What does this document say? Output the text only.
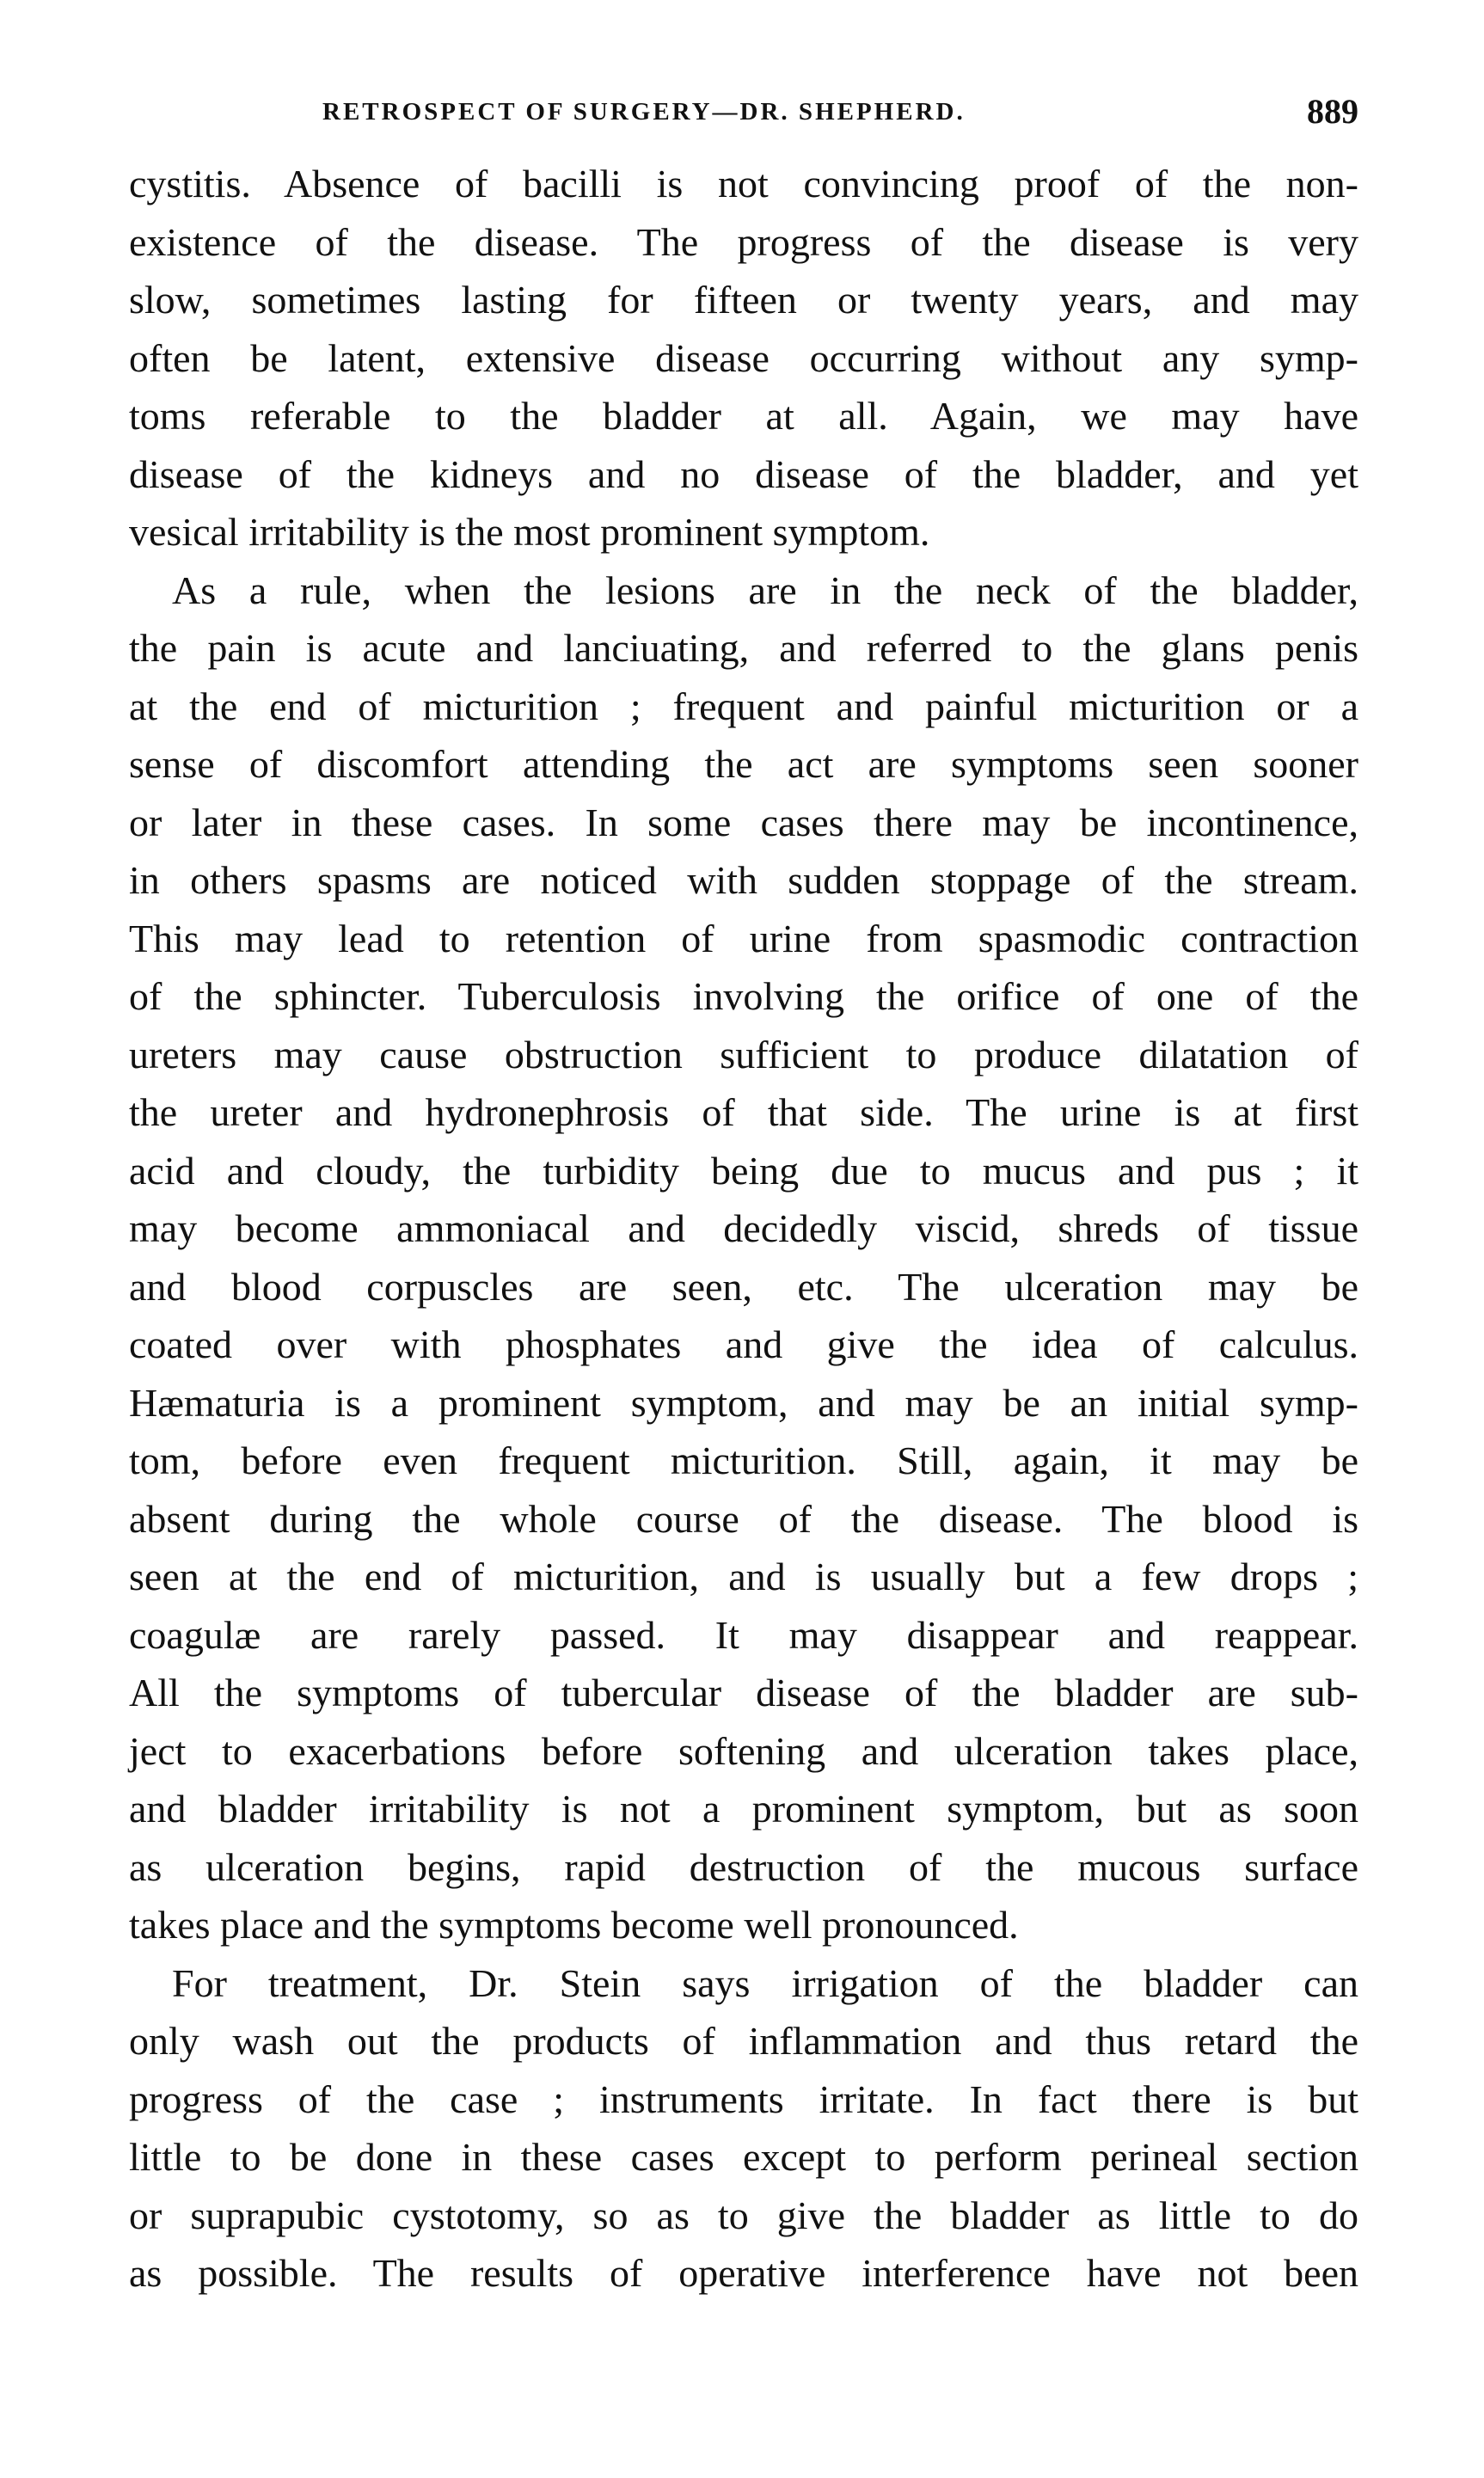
RETROSPECT OF SURGERY—DR. SHEPHERD.	889

cystitis. Absence of bacilli is not convincing proof of the non-
existence of the disease. The progress of the disease is very
slow, sometimes lasting for fifteen or twenty years, and may
often be latent, extensive disease occurring without any symp-
toms referable to the bladder at all. Again, we may have
disease of the kidneys and no disease of the bladder, and yet
vesical irritability is the most prominent symptom.

As a rule, when the lesions are in the neck of the bladder,
the pain is acute and lanciuating, and referred to the glans penis
at the end of micturition ; frequent and painful micturition or a
sense of discomfort attending the act are symptoms seen sooner
or later in these cases. In some cases there may be incontinence,
in others spasms are noticed with sudden stoppage of the stream.
This may lead to retention of urine from spasmodic contraction
of the sphincter. Tuberculosis involving the orifice of one of the
ureters may cause obstruction sufficient to produce dilatation of
the ureter and hydronephrosis of that side. The urine is at first
acid and cloudy, the turbidity being due to mucus and pus ; it
may become ammoniacal and decidedly viscid, shreds of tissue
and blood corpuscles are seen, etc. The ulceration may be
coated over with phosphates and give the idea of calculus.
Hæmaturia is a prominent symptom, and may be an initial symp-
tom, before even frequent micturition. Still, again, it may be
absent during the whole course of the disease. The blood is
seen at the end of micturition, and is usually but a few drops ;
coagulæ are rarely passed. It may disappear and reappear.
All the symptoms of tubercular disease of the bladder are sub-
ject to exacerbations before softening and ulceration takes place,
and bladder irritability is not a prominent symptom, but as soon
as ulceration begins, rapid destruction of the mucous surface
takes place and the symptoms become well pronounced.

For treatment, Dr. Stein says irrigation of the bladder can
only wash out the products of inflammation and thus retard the
progress of the case ; instruments irritate. In fact there is but
little to be done in these cases except to perform perineal section
or suprapubic cystotomy, so as to give the bladder as little to do
as possible. The results of operative interference have not been
